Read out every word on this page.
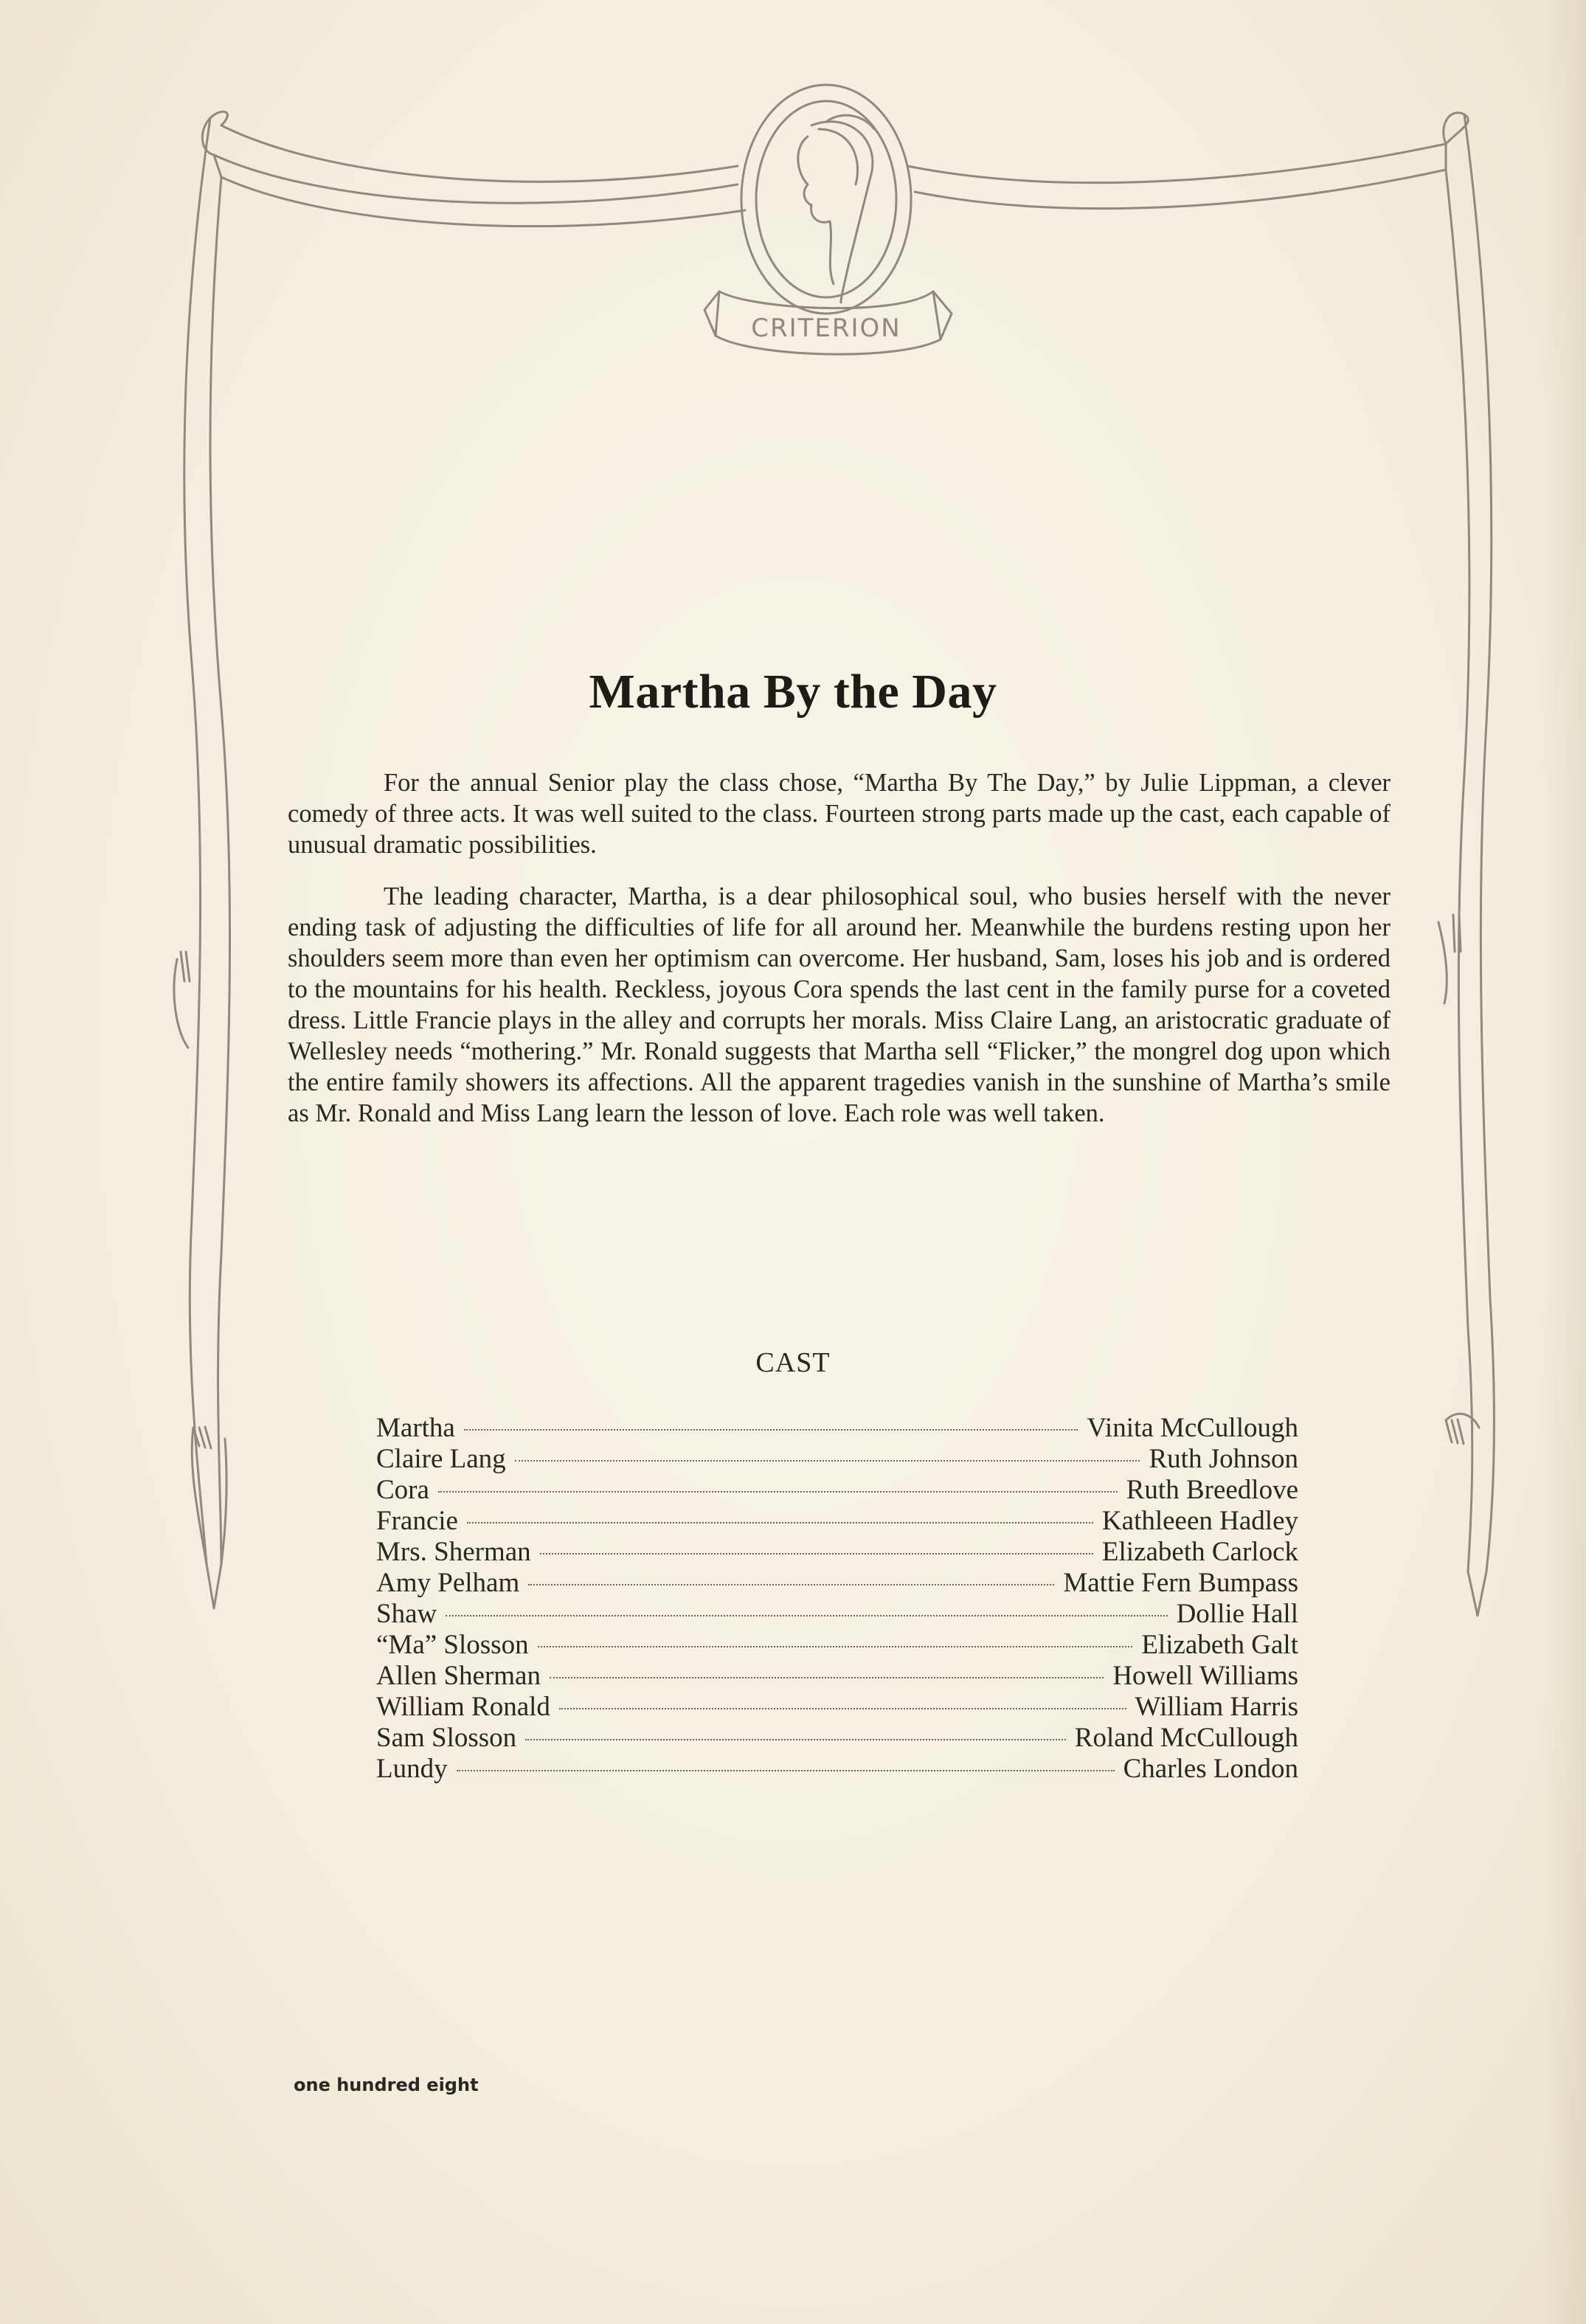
CRITERION
Martha By the Day

For the annual Senior play the class chose, “Martha By The Day,” by Julie Lippman, a clever comedy of three acts. It was well suited to the class. Fourteen strong parts made up the cast, each capable of unusual dramatic possibilities.

The leading character, Martha, is a dear philosophical soul, who busies herself with the never ending task of adjusting the difficulties of life for all around her. Meanwhile the burdens resting upon her shoulders seem more than even her optimism can overcome. Her husband, Sam, loses his job and is ordered to the mountains for his health. Reckless, joyous Cora spends the last cent in the family purse for a coveted dress. Little Francie plays in the alley and corrupts her morals. Miss Claire Lang, an aristocratic graduate of Wellesley needs “mothering.” Mr. Ronald suggests that Martha sell “Flicker,” the mongrel dog upon which the entire family showers its affections. All the apparent tragedies vanish in the sunshine of Martha’s smile as Mr. Ronald and Miss Lang learn the lesson of love. Each role was well taken.

CAST
Martha	Vinita McCullough
Claire Lang	Ruth Johnson
Cora	Ruth Breedlove
Francie	Kathleeen Hadley
Mrs. Sherman	Elizabeth Carlock
Amy Pelham	Mattie Fern Bumpass
Shaw	Dollie Hall
“Ma” Slosson	Elizabeth Galt
Allen Sherman	Howell Williams
William Ronald	William Harris
Sam Slosson	Roland McCullough
Lundy	Charles London
one hundred eight
